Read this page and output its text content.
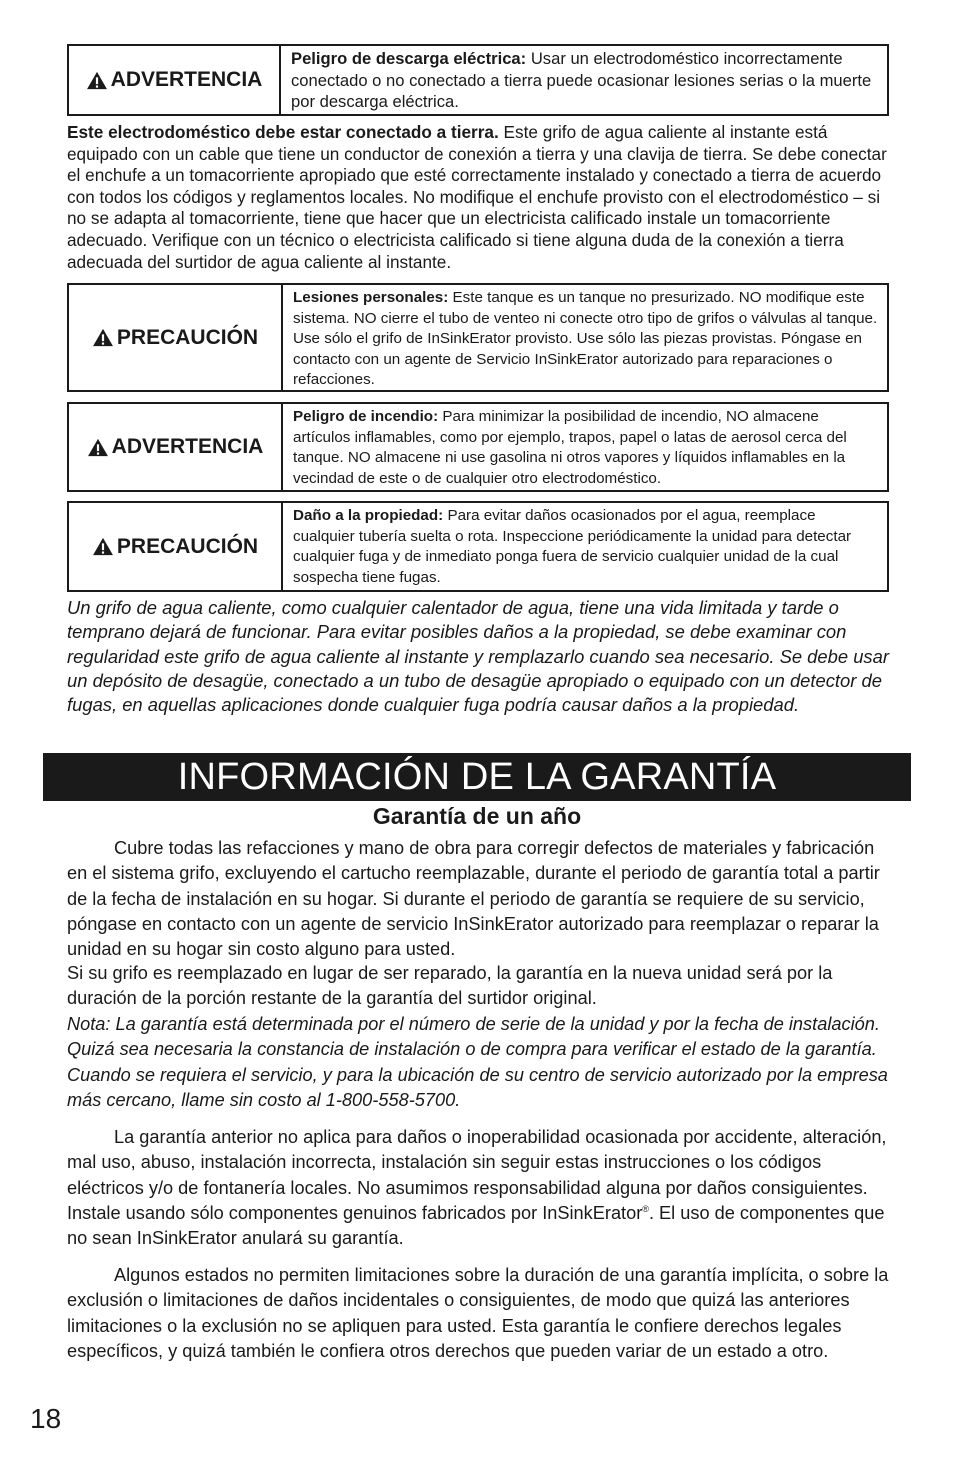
ADVERTENCIA
Peligro de descarga eléctrica: Usar un electrodoméstico incorrectamente conectado o no conectado a tierra puede ocasionar lesiones serias o la muerte por descarga eléctrica.
Este electrodoméstico debe estar conectado a tierra. Este grifo de agua caliente al instante está equipado con un cable que tiene un conductor de conexión a tierra y una clavija de tierra. Se debe conectar el enchufe a un tomacorriente apropiado que esté correctamente instalado y conectado a tierra de acuerdo con todos los códigos y reglamentos locales. No modifique el enchufe provisto con el electrodoméstico – si no se adapta al tomacorriente, tiene que hacer que un electricista calificado instale un tomacorriente adecuado. Verifique con un técnico o electricista calificado si tiene alguna duda de la conexión a tierra adecuada del surtidor de agua caliente al instante.
PRECAUCIÓN
Lesiones personales: Este tanque es un tanque no presurizado. NO modifique este sistema. NO cierre el tubo de venteo ni conecte otro tipo de grifos o válvulas al tanque. Use sólo el grifo de InSinkErator provisto. Use sólo las piezas provistas. Póngase en contacto con un agente de Servicio InSinkErator autorizado para reparaciones o refacciones.
ADVERTENCIA
Peligro de incendio: Para minimizar la posibilidad de incendio, NO almacene artículos inflamables, como por ejemplo, trapos, papel o latas de aerosol cerca del tanque. NO almacene ni use gasolina ni otros vapores y líquidos inflamables en la vecindad de este o de cualquier otro electrodoméstico.
PRECAUCIÓN
Daño a la propiedad: Para evitar daños ocasionados por el agua, reemplace cualquier tubería suelta o rota. Inspeccione periódicamente la unidad para detectar cualquier fuga y de inmediato ponga fuera de servicio cualquier unidad de la cual sospecha tiene fugas.
Un grifo de agua caliente, como cualquier calentador de agua, tiene una vida limitada y tarde o temprano dejará de funcionar. Para evitar posibles daños a la propiedad, se debe examinar con regularidad este grifo de agua caliente al instante y remplazarlo cuando sea necesario. Se debe usar un depósito de desagüe, conectado a un tubo de desagüe apropiado o equipado con un detector de fugas, en aquellas aplicaciones donde cualquier fuga podría causar daños a la propiedad.
INFORMACIÓN DE LA GARANTÍA
Garantía de un año
Cubre todas las refacciones y mano de obra para corregir defectos de materiales y fabricación en el sistema grifo, excluyendo el cartucho reemplazable, durante el periodo de garantía total a partir de la fecha de instalación en su hogar. Si durante el periodo de garantía se requiere de su servicio, póngase en contacto con un agente de servicio InSinkErator autorizado para reemplazar o reparar la unidad en su hogar sin costo alguno para usted.
Si su grifo es reemplazado en lugar de ser reparado, la garantía en la nueva unidad será por la duración de la porción restante de la garantía del surtidor original.
Nota: La garantía está determinada por el número de serie de la unidad y por la fecha de instalación. Quizá sea necesaria la constancia de instalación o de compra para verificar el estado de la garantía. Cuando se requiera el servicio, y para la ubicación de su centro de servicio autorizado por la empresa más cercano, llame sin costo al 1-800-558-5700.
La garantía anterior no aplica para daños o inoperabilidad ocasionada por accidente, alteración, mal uso, abuso, instalación incorrecta, instalación sin seguir estas instrucciones o los códigos eléctricos y/o de fontanería locales. No asumimos responsabilidad alguna por daños consiguientes. Instale usando sólo componentes genuinos fabricados por InSinkErator®. El uso de componentes que no sean InSinkErator anulará su garantía.
Algunos estados no permiten limitaciones sobre la duración de una garantía implícita, o sobre la exclusión o limitaciones de daños incidentales o consiguientes, de modo que quizá las anteriores limitaciones o la exclusión no se apliquen para usted. Esta garantía le confiere derechos legales específicos, y quizá también le confiera otros derechos que pueden variar de un estado a otro.
18
